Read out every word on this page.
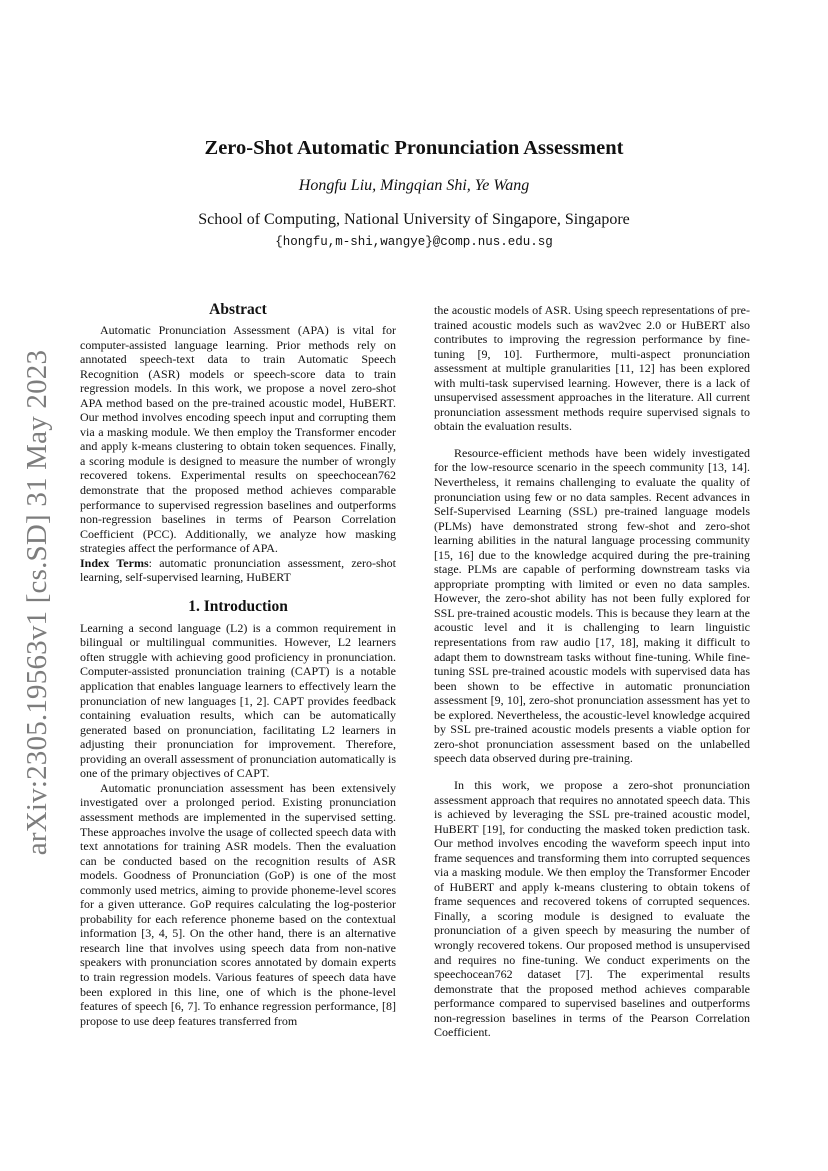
arXiv:2305.19563v1 [cs.SD] 31 May 2023
Zero-Shot Automatic Pronunciation Assessment
Hongfu Liu, Mingqian Shi, Ye Wang
School of Computing, National University of Singapore, Singapore
{hongfu,m-shi,wangye}@comp.nus.edu.sg
Abstract

Automatic Pronunciation Assessment (APA) is vital for computer-assisted language learning. Prior methods rely on annotated speech-text data to train Automatic Speech Recognition (ASR) models or speech-score data to train regression models. In this work, we propose a novel zero-shot APA method based on the pre-trained acoustic model, HuBERT. Our method involves encoding speech input and corrupting them via a masking module. We then employ the Transformer encoder and apply k-means clustering to obtain token sequences. Finally, a scoring module is designed to measure the number of wrongly recovered tokens. Experimental results on speechocean762 demonstrate that the proposed method achieves comparable performance to supervised regression baselines and outperforms non-regression baselines in terms of Pearson Correlation Coefficient (PCC). Additionally, we analyze how masking strategies affect the performance of APA.

Index Terms: automatic pronunciation assessment, zero-shot learning, self-supervised learning, HuBERT

1. Introduction

Learning a second language (L2) is a common requirement in bilingual or multilingual communities. However, L2 learners often struggle with achieving good proficiency in pronunciation. Computer-assisted pronunciation training (CAPT) is a notable application that enables language learners to effectively learn the pronunciation of new languages [1, 2]. CAPT provides feedback containing evaluation results, which can be automatically generated based on pronunciation, facilitating L2 learners in adjusting their pronunciation for improvement. Therefore, providing an overall assessment of pronunciation automatically is one of the primary objectives of CAPT.

Automatic pronunciation assessment has been extensively investigated over a prolonged period. Existing pronunciation assessment methods are implemented in the supervised setting. These approaches involve the usage of collected speech data with text annotations for training ASR models. Then the evaluation can be conducted based on the recognition results of ASR models. Goodness of Pronunciation (GoP) is one of the most commonly used metrics, aiming to provide phoneme-level scores for a given utterance. GoP requires calculating the log-posterior probability for each reference phoneme based on the contextual information [3, 4, 5]. On the other hand, there is an alternative research line that involves using speech data from non-native speakers with pronunciation scores annotated by domain experts to train regression models. Various features of speech data have been explored in this line, one of which is the phone-level features of speech [6, 7]. To enhance regression performance, [8] propose to use deep features transferred from

the acoustic models of ASR. Using speech representations of pre-trained acoustic models such as wav2vec 2.0 or HuBERT also contributes to improving the regression performance by fine-tuning [9, 10]. Furthermore, multi-aspect pronunciation assessment at multiple granularities [11, 12] has been explored with multi-task supervised learning. However, there is a lack of unsupervised assessment approaches in the literature. All current pronunciation assessment methods require supervised signals to obtain the evaluation results.

Resource-efficient methods have been widely investigated for the low-resource scenario in the speech community [13, 14]. Nevertheless, it remains challenging to evaluate the quality of pronunciation using few or no data samples. Recent advances in Self-Supervised Learning (SSL) pre-trained language models (PLMs) have demonstrated strong few-shot and zero-shot learning abilities in the natural language processing community [15, 16] due to the knowledge acquired during the pre-training stage. PLMs are capable of performing downstream tasks via appropriate prompting with limited or even no data samples. However, the zero-shot ability has not been fully explored for SSL pre-trained acoustic models. This is because they learn at the acoustic level and it is challenging to learn linguistic representations from raw audio [17, 18], making it difficult to adapt them to downstream tasks without fine-tuning. While fine-tuning SSL pre-trained acoustic models with supervised data has been shown to be effective in automatic pronunciation assessment [9, 10], zero-shot pronunciation assessment has yet to be explored. Nevertheless, the acoustic-level knowledge acquired by SSL pre-trained acoustic models presents a viable option for zero-shot pronunciation assessment based on the unlabelled speech data observed during pre-training.

In this work, we propose a zero-shot pronunciation assessment approach that requires no annotated speech data. This is achieved by leveraging the SSL pre-trained acoustic model, HuBERT [19], for conducting the masked token prediction task. Our method involves encoding the waveform speech input into frame sequences and transforming them into corrupted sequences via a masking module. We then employ the Transformer Encoder of HuBERT and apply k-means clustering to obtain tokens of frame sequences and recovered tokens of corrupted sequences. Finally, a scoring module is designed to evaluate the pronunciation of a given speech by measuring the number of wrongly recovered tokens. Our proposed method is unsupervised and requires no fine-tuning. We conduct experiments on the speechocean762 dataset [7]. The experimental results demonstrate that the proposed method achieves comparable performance compared to supervised baselines and outperforms non-regression baselines in terms of the Pearson Correlation Coefficient.
